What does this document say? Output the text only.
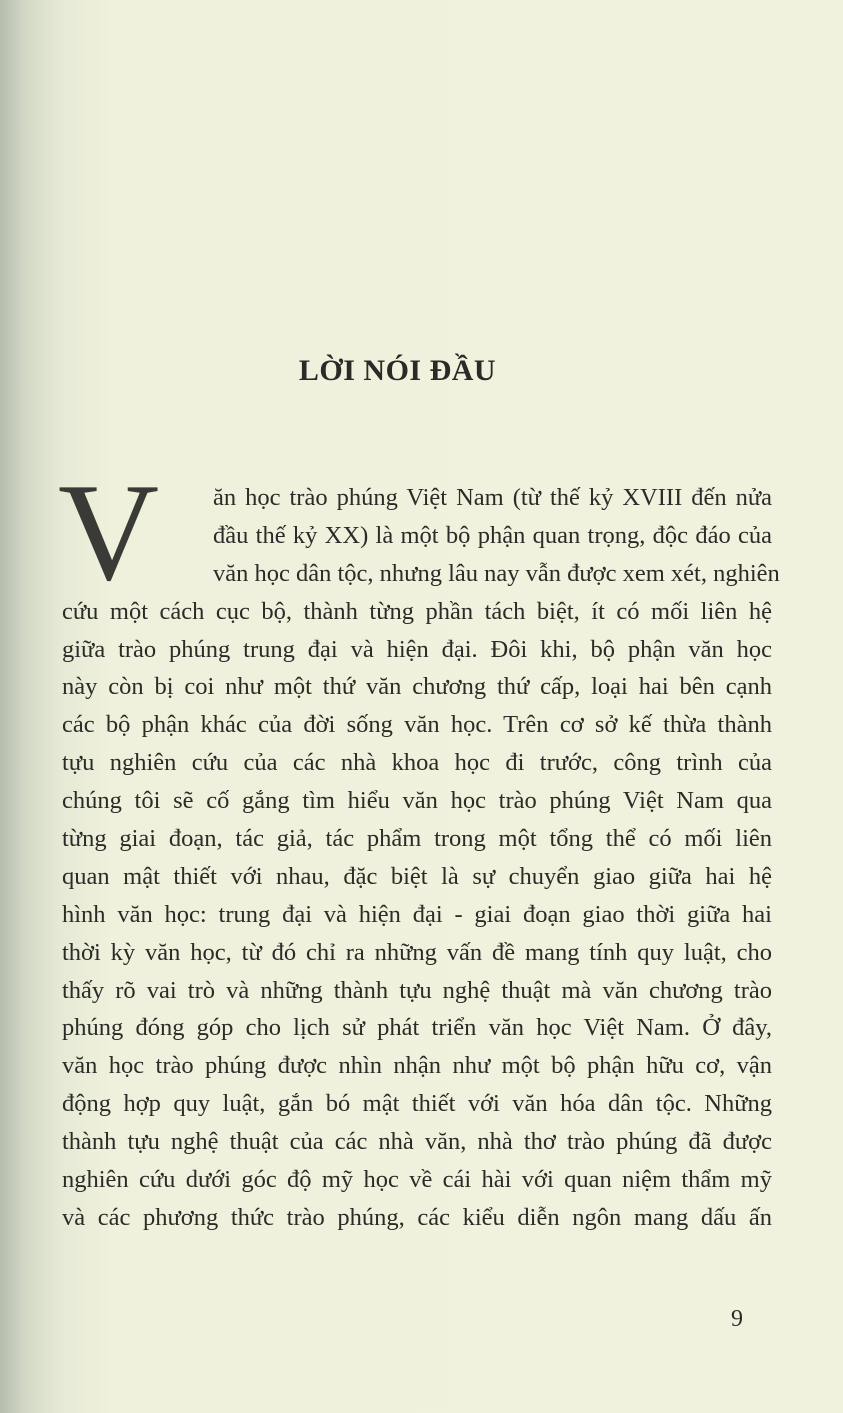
LỜI NÓI ĐẦU
V ăn học trào phúng Việt Nam (từ thế kỷ XVIII đến nửa
đầu thế kỷ XX) là một bộ phận quan trọng, độc đáo của
văn học dân tộc, nhưng lâu nay vẫn được xem xét, nghiên
cứu một cách cục bộ, thành từng phần tách biệt, ít có mối liên hệ
giữa trào phúng trung đại và hiện đại. Đôi khi, bộ phận văn học
này còn bị coi như một thứ văn chương thứ cấp, loại hai bên cạnh
các bộ phận khác của đời sống văn học. Trên cơ sở kế thừa thành
tựu nghiên cứu của các nhà khoa học đi trước, công trình của
chúng tôi sẽ cố gắng tìm hiểu văn học trào phúng Việt Nam qua
từng giai đoạn, tác giả, tác phẩm trong một tổng thể có mối liên
quan mật thiết với nhau, đặc biệt là sự chuyển giao giữa hai hệ
hình văn học: trung đại và hiện đại - giai đoạn giao thời giữa hai
thời kỳ văn học, từ đó chỉ ra những vấn đề mang tính quy luật, cho
thấy rõ vai trò và những thành tựu nghệ thuật mà văn chương trào
phúng đóng góp cho lịch sử phát triển văn học Việt Nam. Ở đây,
văn học trào phúng được nhìn nhận như một bộ phận hữu cơ, vận
động hợp quy luật, gắn bó mật thiết với văn hóa dân tộc. Những
thành tựu nghệ thuật của các nhà văn, nhà thơ trào phúng đã được
nghiên cứu dưới góc độ mỹ học về cái hài với quan niệm thẩm mỹ
và các phương thức trào phúng, các kiểu diễn ngôn mang dấu ấn
9
